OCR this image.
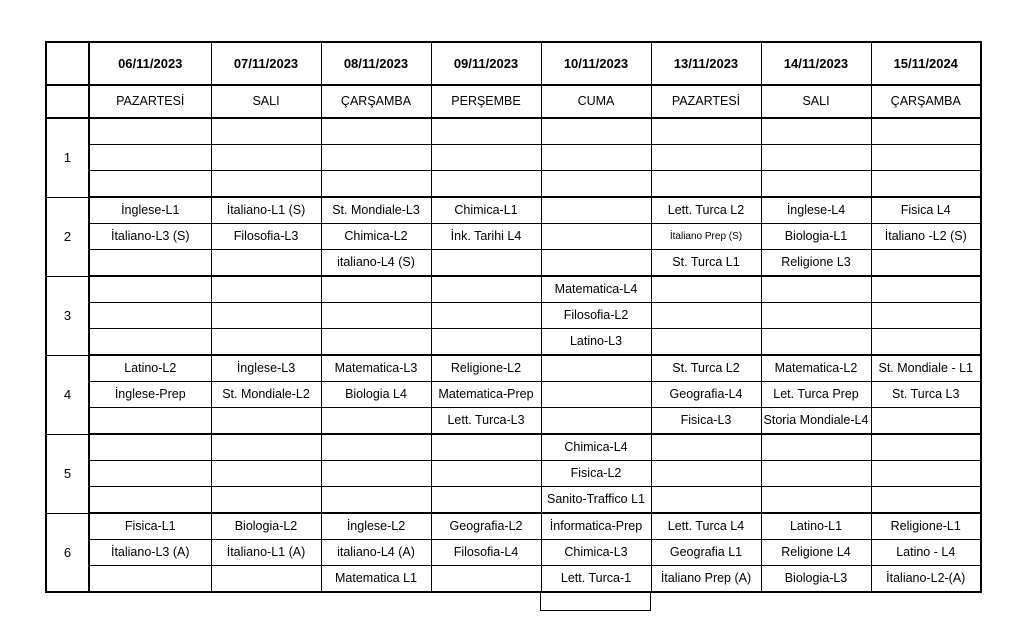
	06/11/2023	07/11/2023	08/11/2023	09/11/2023	10/11/2023	13/11/2023	14/11/2023	15/11/2024
	PAZARTESİ	SALI	ÇARŞAMBA	PERŞEMBE	CUMA	PAZARTESİ	SALI	ÇARŞAMBA
1								

2	İnglese-L1	İtaliano-L1 (S)	St. Mondiale-L3	Chimica-L1		Lett. Turca L2	İnglese-L4	Fisica L4
	İtaliano-L3 (S)	Filosofia-L3	Chimica-L2	İnk. Tarihi L4		İtaliano Prep (S)	Biologia-L1	İtaliano -L2 (S)
			italiano-L4 (S)			St. Turca L1	Religione L3	
3					Matematica-L4			
					Filosofia-L2			
					Latino-L3			
4	Latino-L2	İnglese-L3	Matematica-L3	Religione-L2		St. Turca L2	Matematica-L2	St. Mondiale - L1
	İnglese-Prep	St. Mondiale-L2	Biologia L4	Matematica-Prep		Geografia-L4	Let. Turca Prep	St. Turca L3
				Lett. Turca-L3		Fisica-L3	Storia Mondiale-L4	
5					Chimica-L4			
					Fisica-L2			
					Sanito-Traffico L1			
6	Fisica-L1	Biologia-L2	İnglese-L2	Geografia-L2	İnformatica-Prep	Lett. Turca L4	Latino-L1	Religione-L1
	İtaliano-L3 (A)	İtaliano-L1 (A)	italiano-L4 (A)	Filosofia-L4	Chimica-L3	Geografia L1	Religione L4	Latino - L4
			Matematica L1		Lett. Turca-1	İtaliano Prep (A)	Biologia-L3	İtaliano-L2-(A)
